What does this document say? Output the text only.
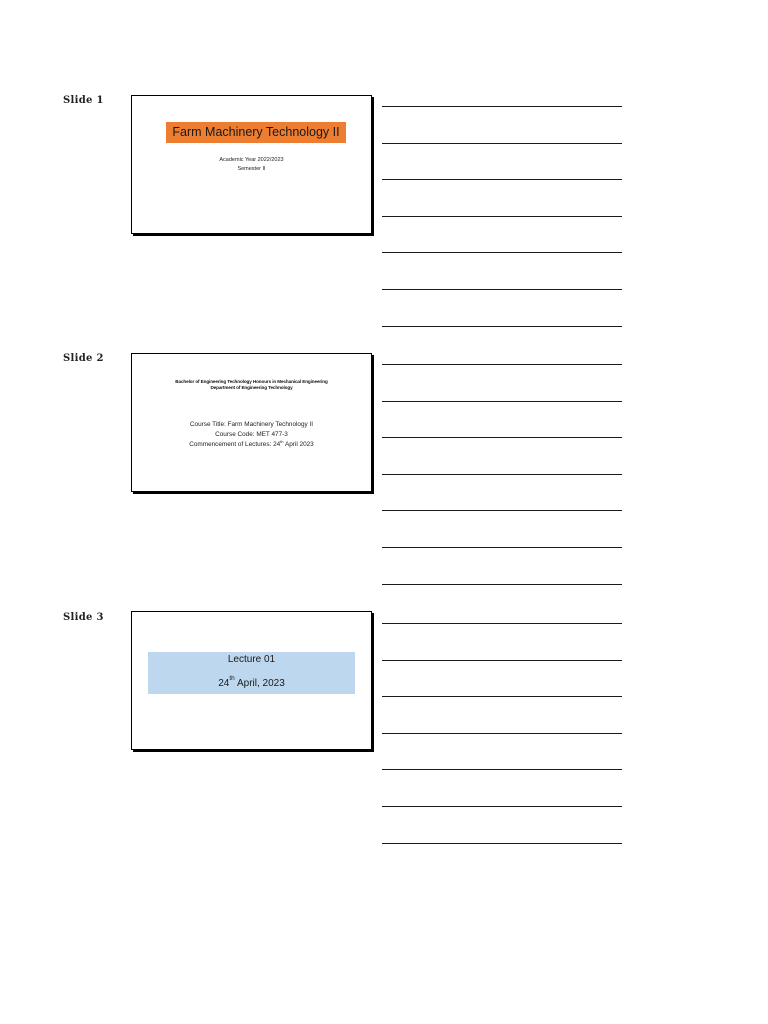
Slide 1
Farm Machinery Technology II
Academic Year 2022/2023
Semester II
Slide 2
Bachelor of Engineering Technology Honours in Mechanical Engineering
Department of Engineering Technology
Course Title: Farm Machinery Technology II
Course Code: MET 477-3
Commencement of Lectures: 24th April 2023
Slide 3
Lecture 01
24th April, 2023
